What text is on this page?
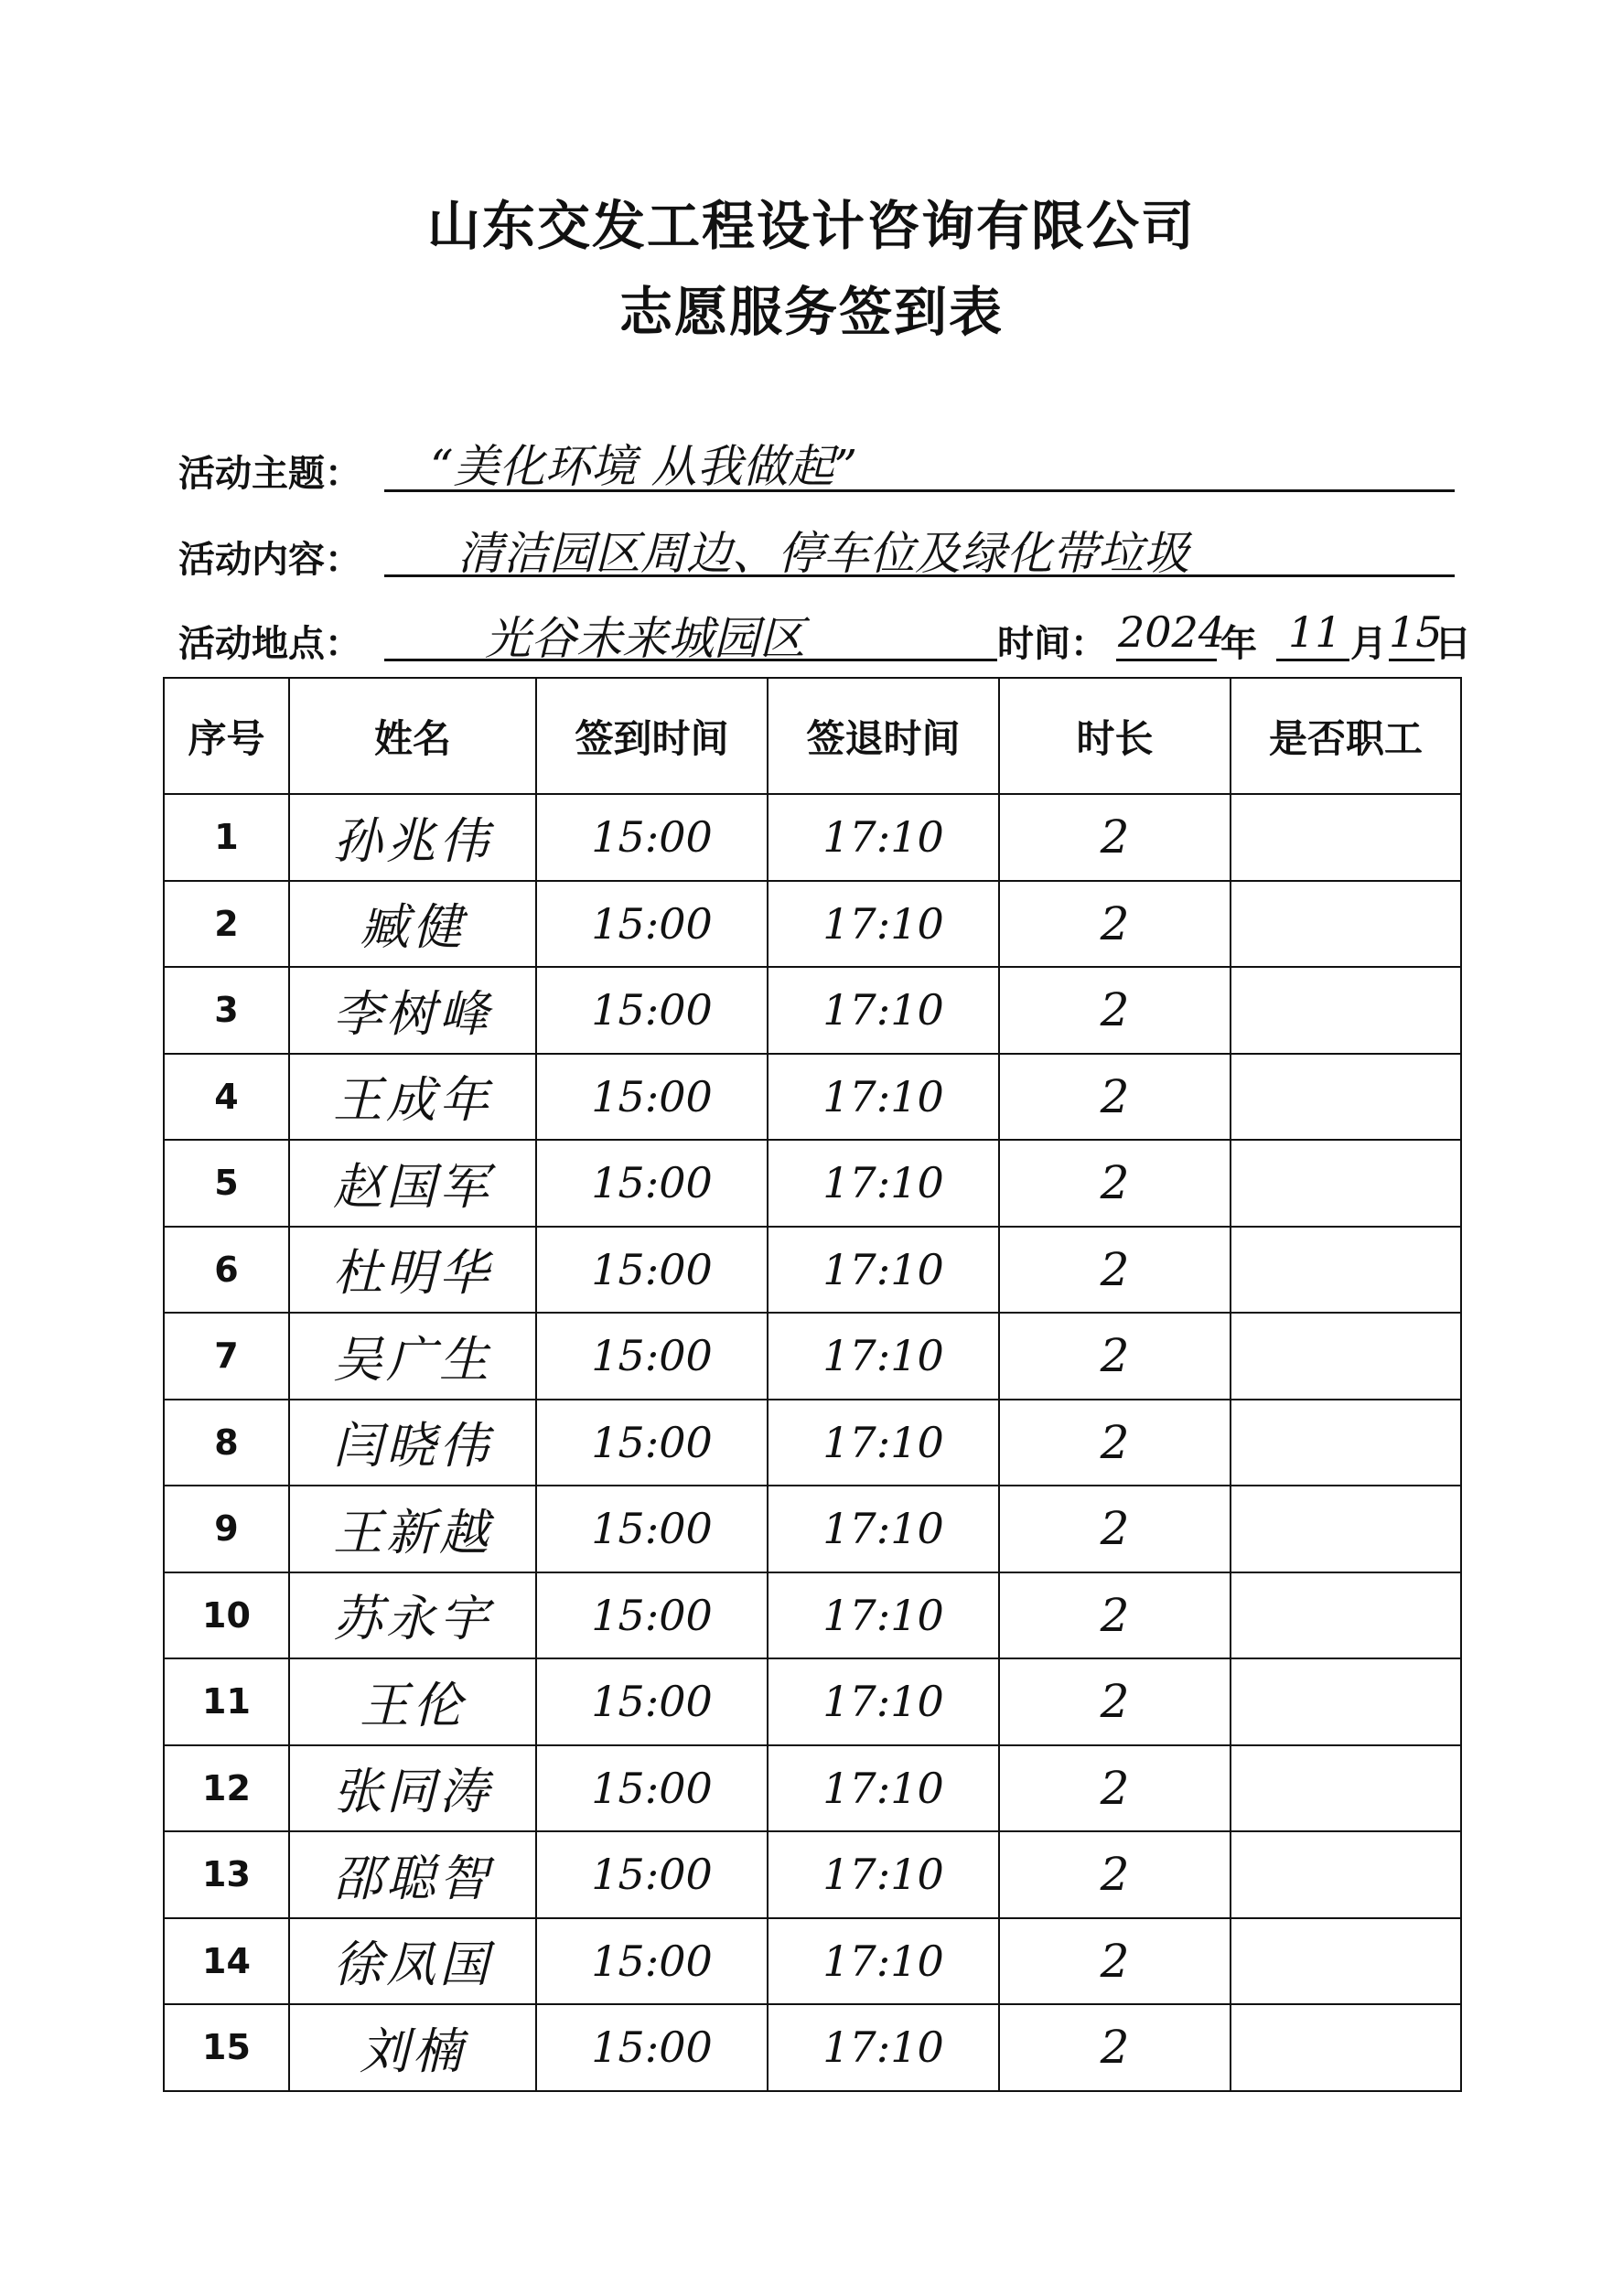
山东交发工程设计咨询有限公司
志愿服务签到表
活动主题： “美化环境 从我做起”
活动内容： 清洁园区周边、停车位及绿化带垃圾
活动地点：	光谷未来城园区	时间： 2024
年 11 月 15
日
序号	姓名	签到时间	签退时间	时长	是否职工
1	孙兆伟	15:00	17:10	2	
2	臧健	15:00	17:10	2	
3	李树峰	15:00	17:10	2	
4	王成年	15:00	17:10	2	
5	赵国军	15:00	17:10	2	
6	杜明华	15:00	17:10	2	
7	吴广生	15:00	17:10	2	
8	闫晓伟	15:00	17:10	2	
9	王新越	15:00	17:10	2	
10	苏永宇	15:00	17:10	2	
11	王伦	15:00	17:10	2	
12	张同涛	15:00	17:10	2	
13	邵聪智	15:00	17:10	2	
14	徐凤国	15:00	17:10	2	
15	刘楠	15:00	17:10	2	
